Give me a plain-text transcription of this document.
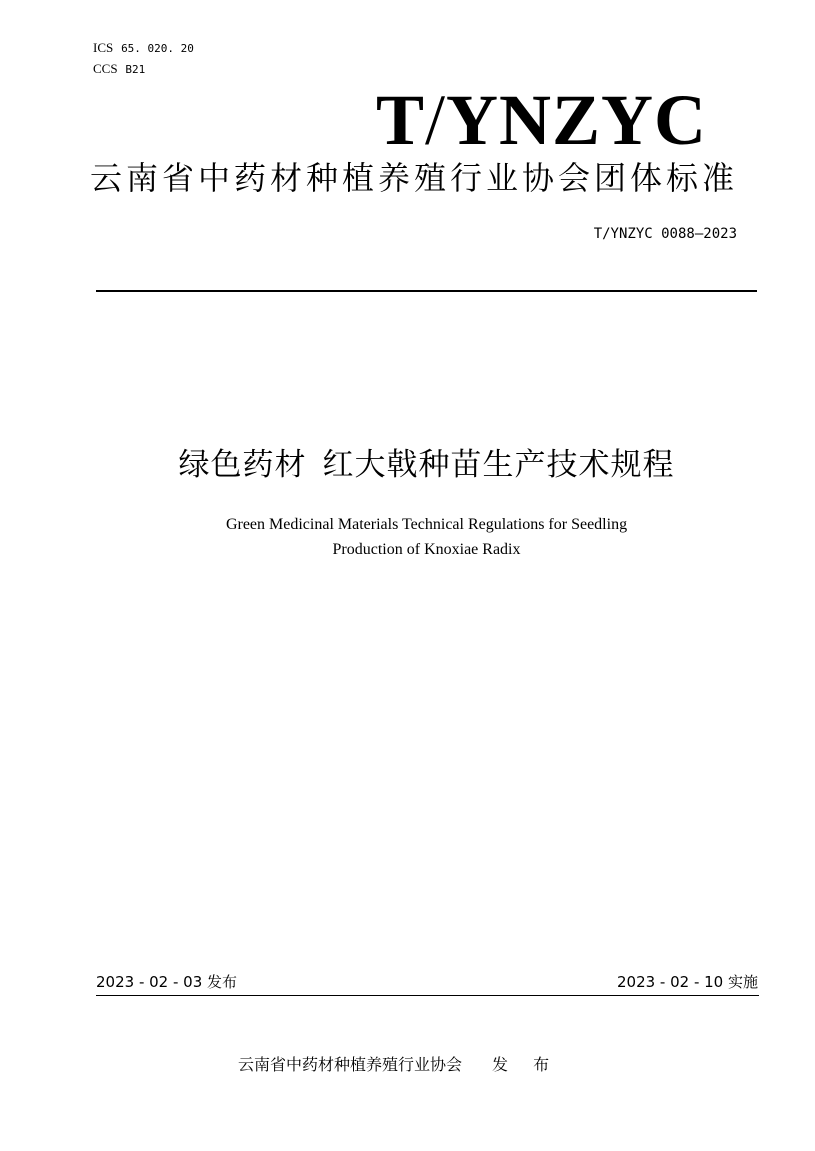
ICS 65. 020. 20
CCS B21
T/YNZYC
云南省中药材种植养殖行业协会团体标准
T/YNZYC 0088—2023
绿色药材 红大戟种苗生产技术规程
Green Medicinal Materials Technical Regulations for Seedling
Production of Knoxiae Radix
2023 - 02 - 03 发布	2023 - 02 - 10 实施
云南省中药材种植养殖行业协会 发 布
